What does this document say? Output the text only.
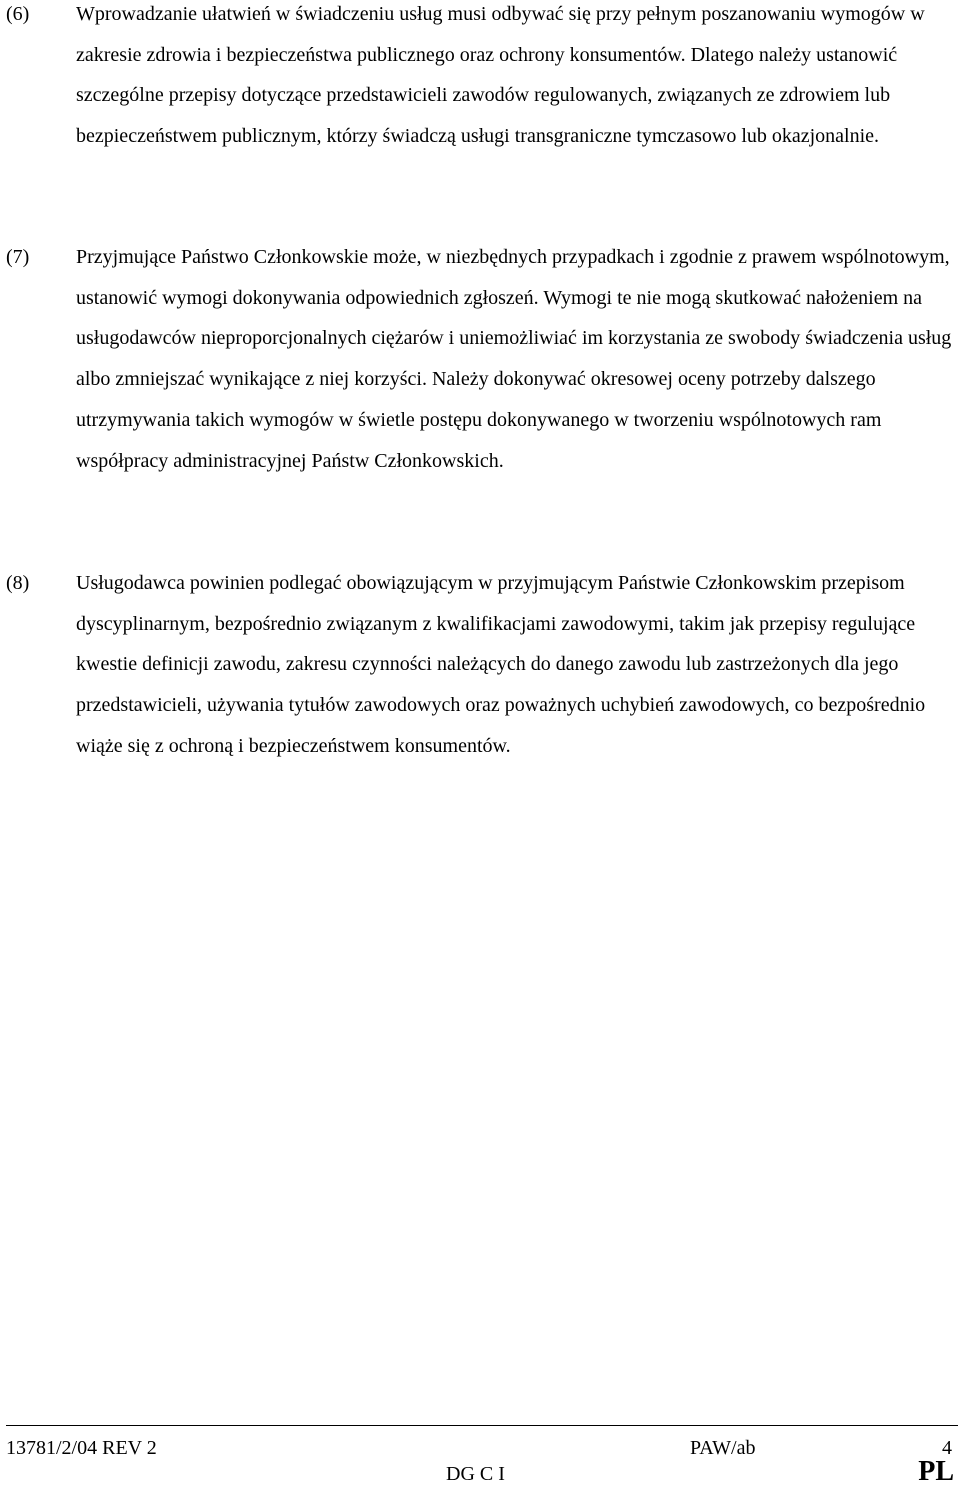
(6) Wprowadzanie ułatwień w świadczeniu usług musi odbywać się przy pełnym poszanowaniu wymogów w zakresie zdrowia i bezpieczeństwa publicznego oraz ochrony konsumentów. Dlatego należy ustanowić szczególne przepisy dotyczące przedstawicieli zawodów regulowanych, związanych ze zdrowiem lub bezpieczeństwem publicznym, którzy świadczą usługi transgraniczne tymczasowo lub okazjonalnie.
(7) Przyjmujące Państwo Członkowskie może, w niezbędnych przypadkach i zgodnie z prawem wspólnotowym, ustanowić wymogi dokonywania odpowiednich zgłoszeń. Wymogi te nie mogą skutkować nałożeniem na usługodawców nieproporcjonalnych ciężarów i uniemożliwiać im korzystania ze swobody świadczenia usług albo zmniejszać wynikające z niej korzyści. Należy dokonywać okresowej oceny potrzeby dalszego utrzymywania takich wymogów w świetle postępu dokonywanego w tworzeniu wspólnotowych ram współpracy administracyjnej Państw Członkowskich.
(8) Usługodawca powinien podlegać obowiązującym w przyjmującym Państwie Członkowskim przepisom dyscyplinarnym, bezpośrednio związanym z kwalifikacjami zawodowymi, takim jak przepisy regulujące kwestie definicji zawodu, zakresu czynności należących do danego zawodu lub zastrzeżonych dla jego przedstawicieli, używania tytułów zawodowych oraz poważnych uchybień zawodowych, co bezpośrednio wiąże się z ochroną i bezpieczeństwem konsumentów.
13781/2/04 REV 2	PAW/ab	4
DG C I	PL
